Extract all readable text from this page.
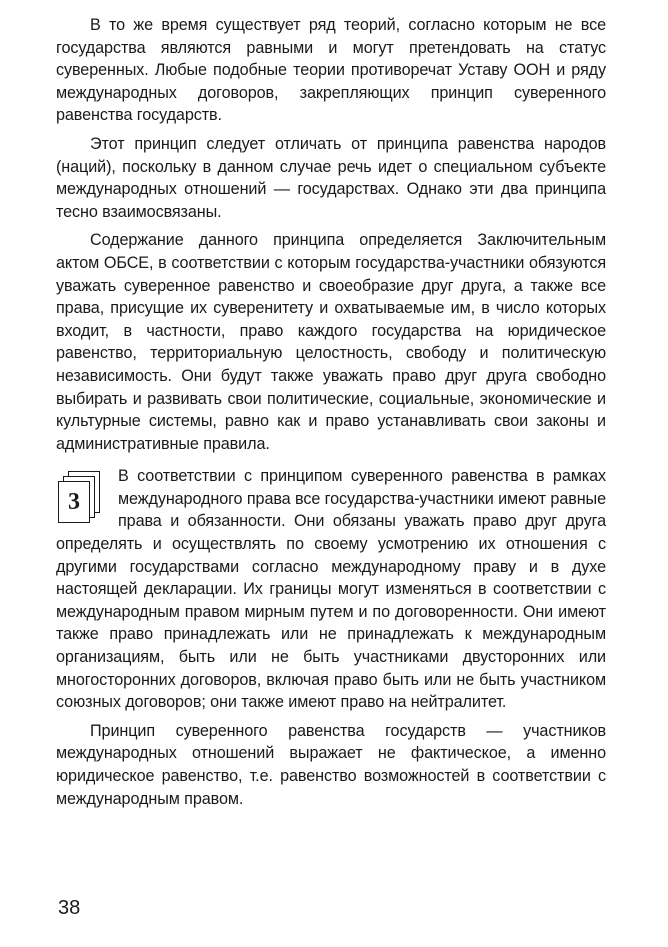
В то же время существует ряд теорий, согласно которым не все государства являются равными и могут претендовать на статус суверенных. Любые подобные теории противоречат Уставу ООН и ряду международных договоров, закрепляющих принцип суверенного равенства государств.

Этот принцип следует отличать от принципа равенства народов (наций), поскольку в данном случае речь идет о специальном субъекте международных отношений — государствах. Однако эти два принципа тесно взаимосвязаны.

Содержание данного принципа определяется Заключительным актом ОБСЕ, в соответствии с которым государства-участники обязуются уважать суверенное равенство и своеобразие друг друга, а также все права, присущие их суверенитету и охватываемые им, в число которых входит, в частности, право каждого государства на юридическое равенство, территориальную целостность, свободу и политическую независимость. Они будут также уважать право друг друга свободно выбирать и развивать свои политические, социальные, экономические и культурные системы, равно как и право устанавливать свои законы и административные правила.

3

В соответствии с принципом суверенного равенства в рамках международного права все государства-участники имеют равные права и обязанности. Они обязаны уважать право друг друга определять и осуществлять по своему усмотрению их отношения с другими государствами согласно международному праву и в духе настоящей декларации. Их границы могут изменяться в соответствии с международным правом мирным путем и по договоренности. Они имеют также право принадлежать или не принадлежать к международным организациям, быть или не быть участниками двусторонних или многосторонних договоров, включая право быть или не быть участником союзных договоров; они также имеют право на нейтралитет.

Принцип суверенного равенства государств — участников международных отношений выражает не фактическое, а именно юридическое равенство, т.е. равенство возможностей в соответствии с международным правом.

38
